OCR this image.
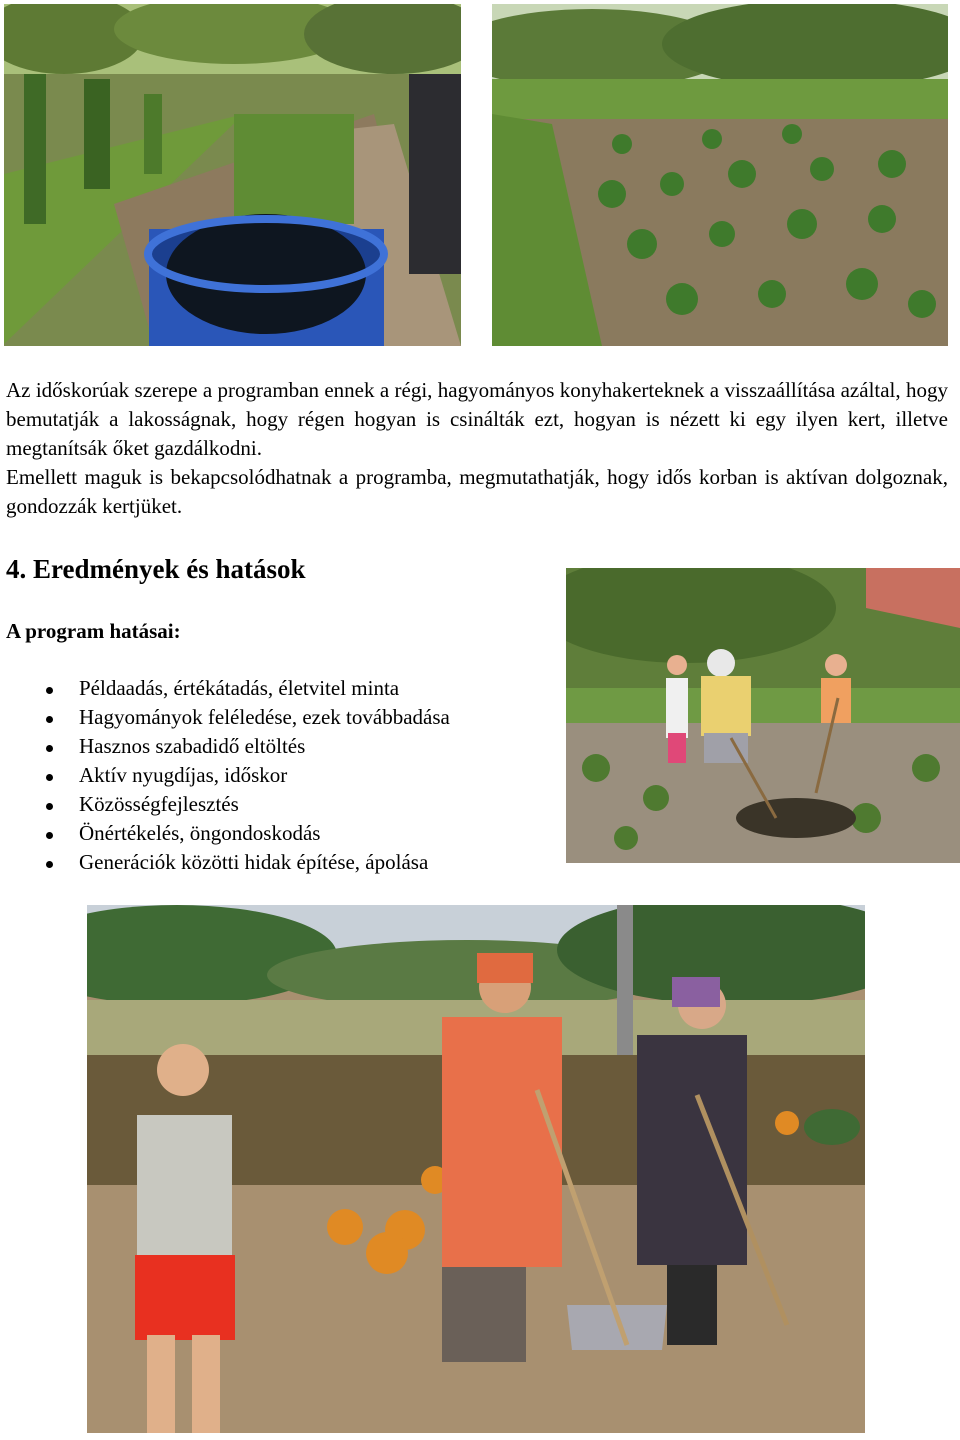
Az időskorúak szerepe a programban ennek a régi, hagyományos konyhakerteknek a visszaállítása azáltal, hogy bemutatják a lakosságnak, hogy régen hogyan is csinálták ezt, hogyan is nézett ki egy ilyen kert, illetve megtanítsák őket gazdálkodni.

Emellett maguk is bekapcsolódhatnak a programba, megmutathatják, hogy idős korban is aktívan dolgoznak, gondozzák kertjüket.

4. Eredmények és hatások
A program hatásai:
Példaadás, értékátadás, életvitel minta
Hagyományok feléledése, ezek továbbadása
Hasznos szabadidő eltöltés
Aktív nyugdíjas, időskor
Közösségfejlesztés
Önértékelés, öngondoskodás
Generációk közötti hidak építése, ápolása
